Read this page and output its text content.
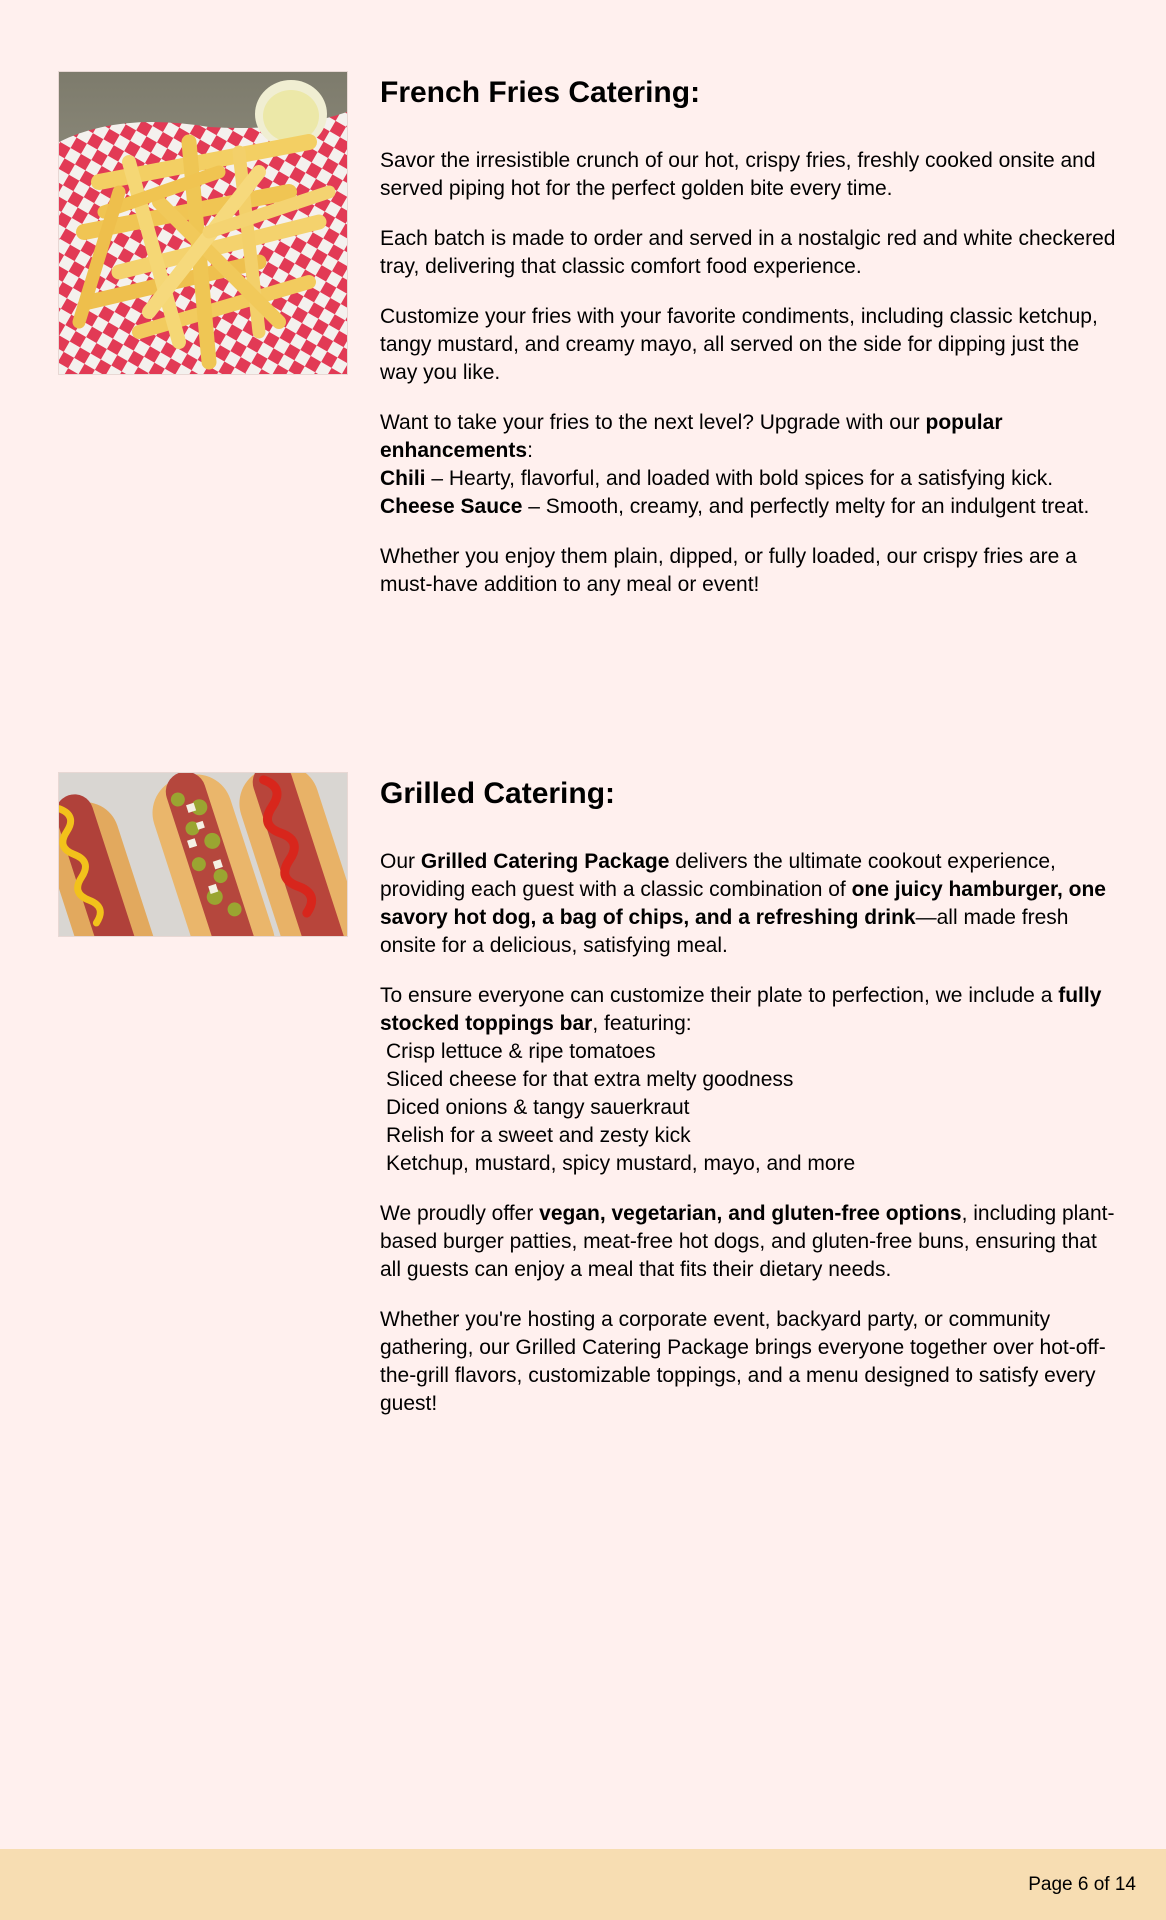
French Fries Catering:

Savor the irresistible crunch of our hot, crispy fries, freshly cooked onsite and served piping hot for the perfect golden bite every time.

Each batch is made to order and served in a nostalgic red and white checkered tray, delivering that classic comfort food experience.

Customize your fries with your favorite condiments, including classic ketchup, tangy mustard, and creamy mayo, all served on the side for dipping just the way you like.

Want to take your fries to the next level? Upgrade with our popular enhancements:
Chili – Hearty, flavorful, and loaded with bold spices for a satisfying kick.
Cheese Sauce – Smooth, creamy, and perfectly melty for an indulgent treat.

Whether you enjoy them plain, dipped, or fully loaded, our crispy fries are a must-have addition to any meal or event!

Grilled Catering:

Our Grilled Catering Package delivers the ultimate cookout experience, providing each guest with a classic combination of one juicy hamburger, one savory hot dog, a bag of chips, and a refreshing drink—all made fresh onsite for a delicious, satisfying meal.

To ensure everyone can customize their plate to perfection, we include a fully stocked toppings bar, featuring:
Crisp lettuce & ripe tomatoes
Sliced cheese for that extra melty goodness
Diced onions & tangy sauerkraut
Relish for a sweet and zesty kick
Ketchup, mustard, spicy mustard, mayo, and more

We proudly offer vegan, vegetarian, and gluten-free options, including plant-based burger patties, meat-free hot dogs, and gluten-free buns, ensuring that all guests can enjoy a meal that fits their dietary needs.

Whether you're hosting a corporate event, backyard party, or community gathering, our Grilled Catering Package brings everyone together over hot-off-the-grill flavors, customizable toppings, and a menu designed to satisfy every guest!

Page 6 of 14
